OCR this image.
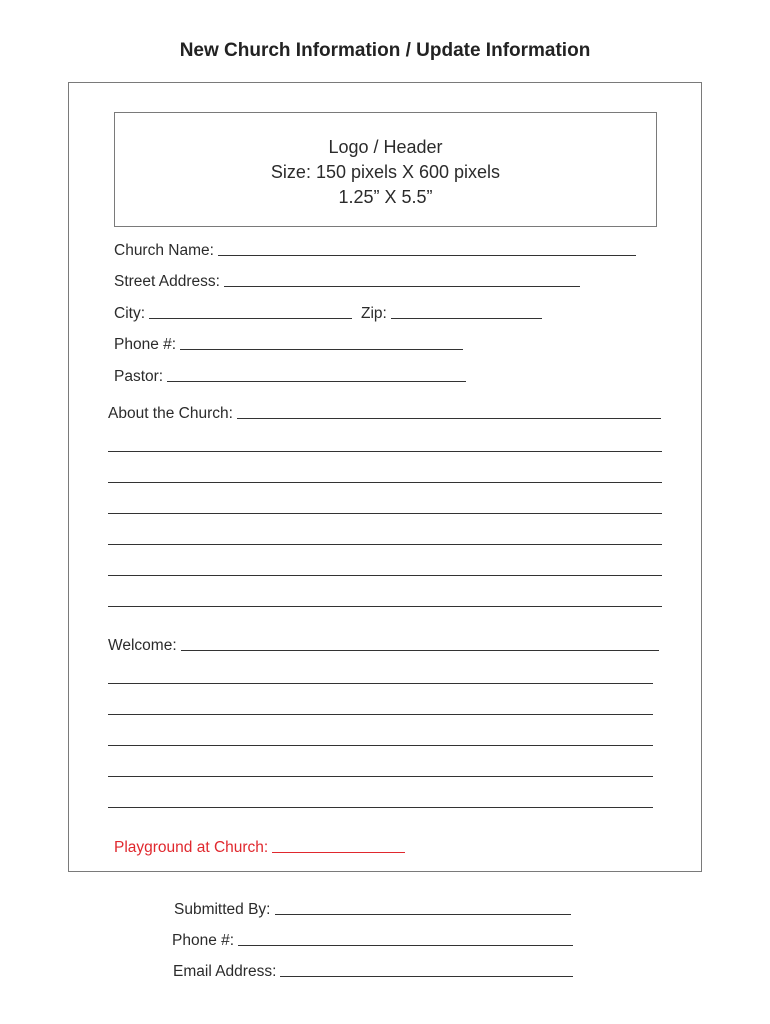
New Church Information / Update Information
Logo / Header
Size: 150 pixels X 600 pixels
1.25” X 5.5”
Church Name:
Street Address:
City:	Zip:
Phone #:
Pastor:
About the Church:
Welcome:
Playground at Church:
Submitted By:
Phone #:
Email Address:
